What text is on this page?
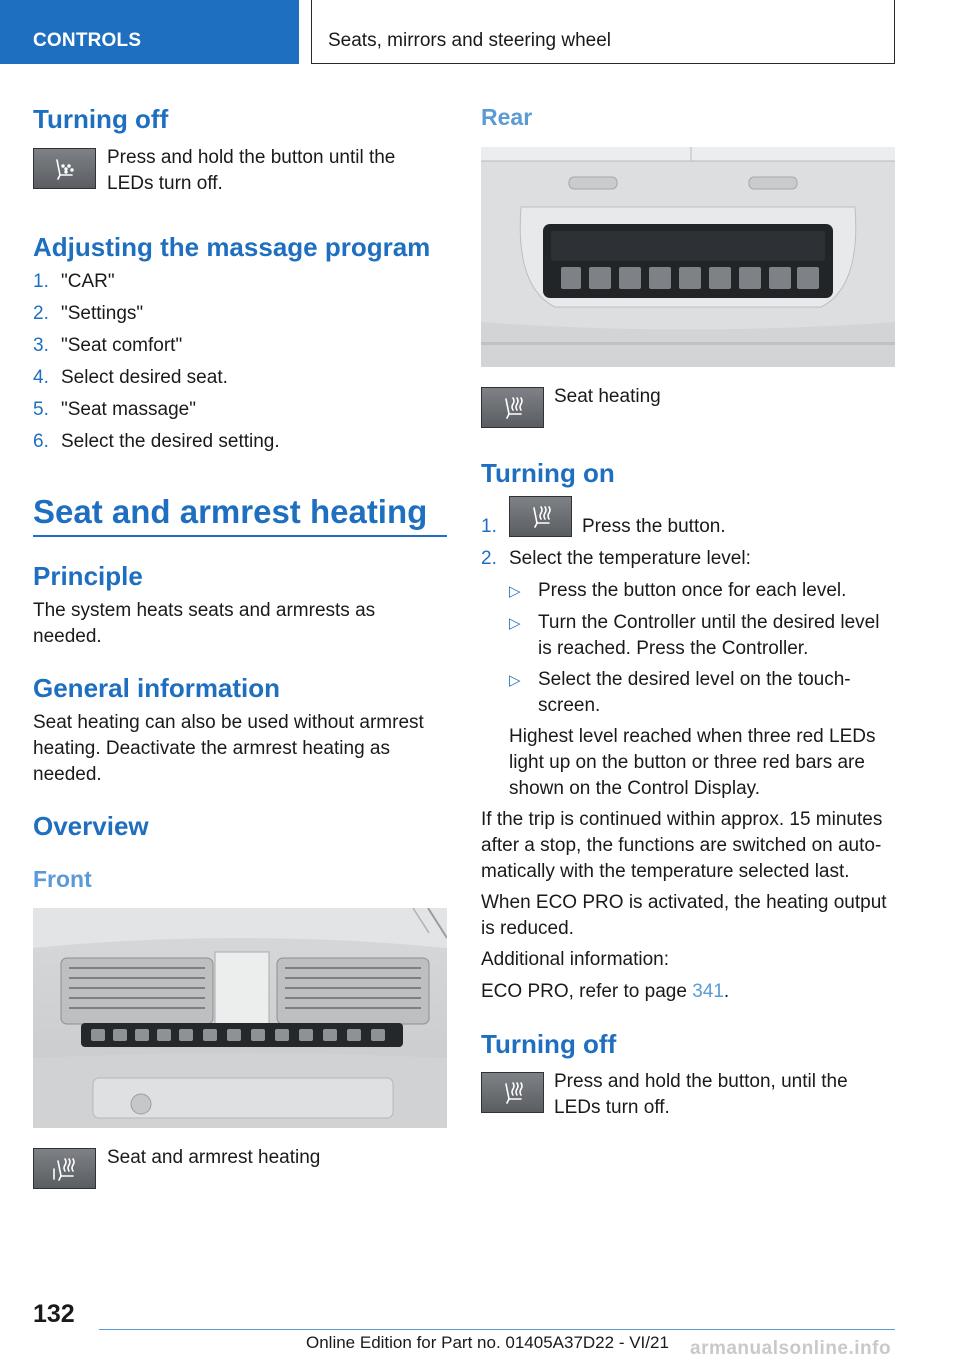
CONTROLS	Seats, mirrors and steering wheel
Turning off
Press and hold the button until the
LEDs turn off.
Adjusting the massage program
1. "CAR"
2. "Settings"
3. "Seat comfort"
4. Select desired seat.
5. "Seat massage"
6. Select the desired setting.
Seat and armrest heating
Principle
The system heats seats and armrests as
needed.
General information
Seat heating can also be used without armrest
heating. Deactivate the armrest heating as
needed.
Overview
Front
Seat and armrest heating
Rear
Seat heating
Turning on
1.	Press the button.
2. Select the temperature level:
▷ Press the button once for each level.
▷ Turn the Controller until the desired level
is reached. Press the Controller.
▷ Select the desired level on the touch-
screen.
Highest level reached when three red LEDs
light up on the button or three red bars are
shown on the Control Display.
If the trip is continued within approx. 15 minutes
after a stop, the functions are switched on auto‐
matically with the temperature selected last.
When ECO PRO is activated, the heating output
is reduced.
Additional information:
ECO PRO, refer to page 341.
Turning off
Press and hold the button, until the
LEDs turn off.
132
Online Edition for Part no. 01405A37D22 - VI/21 armanualsonline.info
